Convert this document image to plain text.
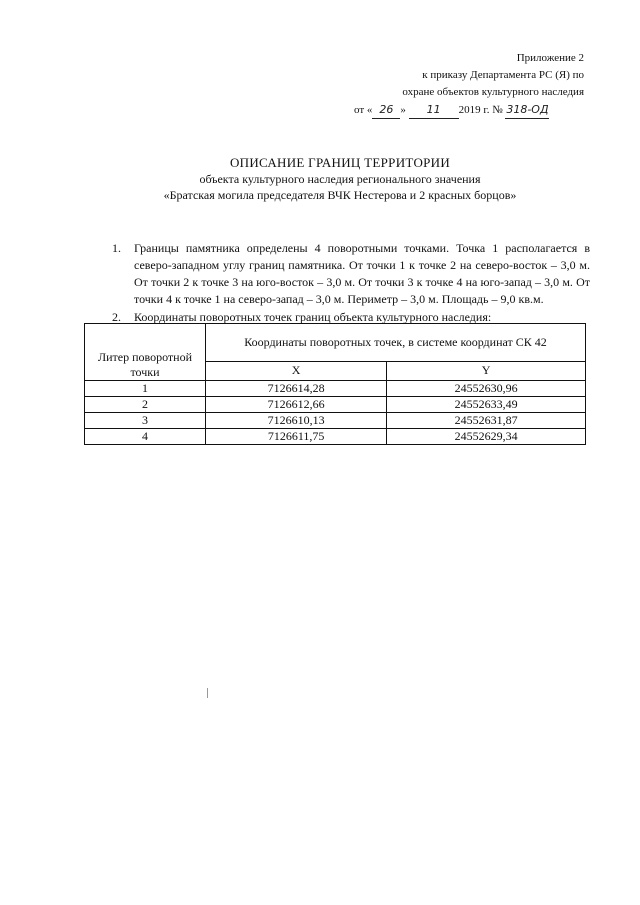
Приложение 2
к приказу Департамента РС (Я) по
охране объектов культурного наследия
от « 26 » 11 2019 г. № 318-ОД
ОПИСАНИЕ ГРАНИЦ ТЕРРИТОРИИ
объекта культурного наследия регионального значения
«Братская могила председателя ВЧК Нестерова и 2 красных борцов»
1.	Границы памятника определены 4 поворотными точками. Точка 1 располагается в северо-западном углу границ памятника. От точки 1 к точке 2 на северо-восток – 3,0 м. От точки 2 к точке 3 на юго-восток – 3,0 м. От точки 3 к точке 4 на юго-запад – 3,0 м. От точки 4 к точке 1 на северо-запад – 3,0 м. Периметр – 3,0 м. Площадь – 9,0 кв.м.
2.	Координаты поворотных точек границ объекта культурного наследия:
Литер поворотной точки	Координаты поворотных точек, в системе координат СК 42	
	X	Y
1	7126614,28	24552630,96
2	7126612,66	24552633,49
3	7126610,13	24552631,87
4	7126611,75	24552629,34
